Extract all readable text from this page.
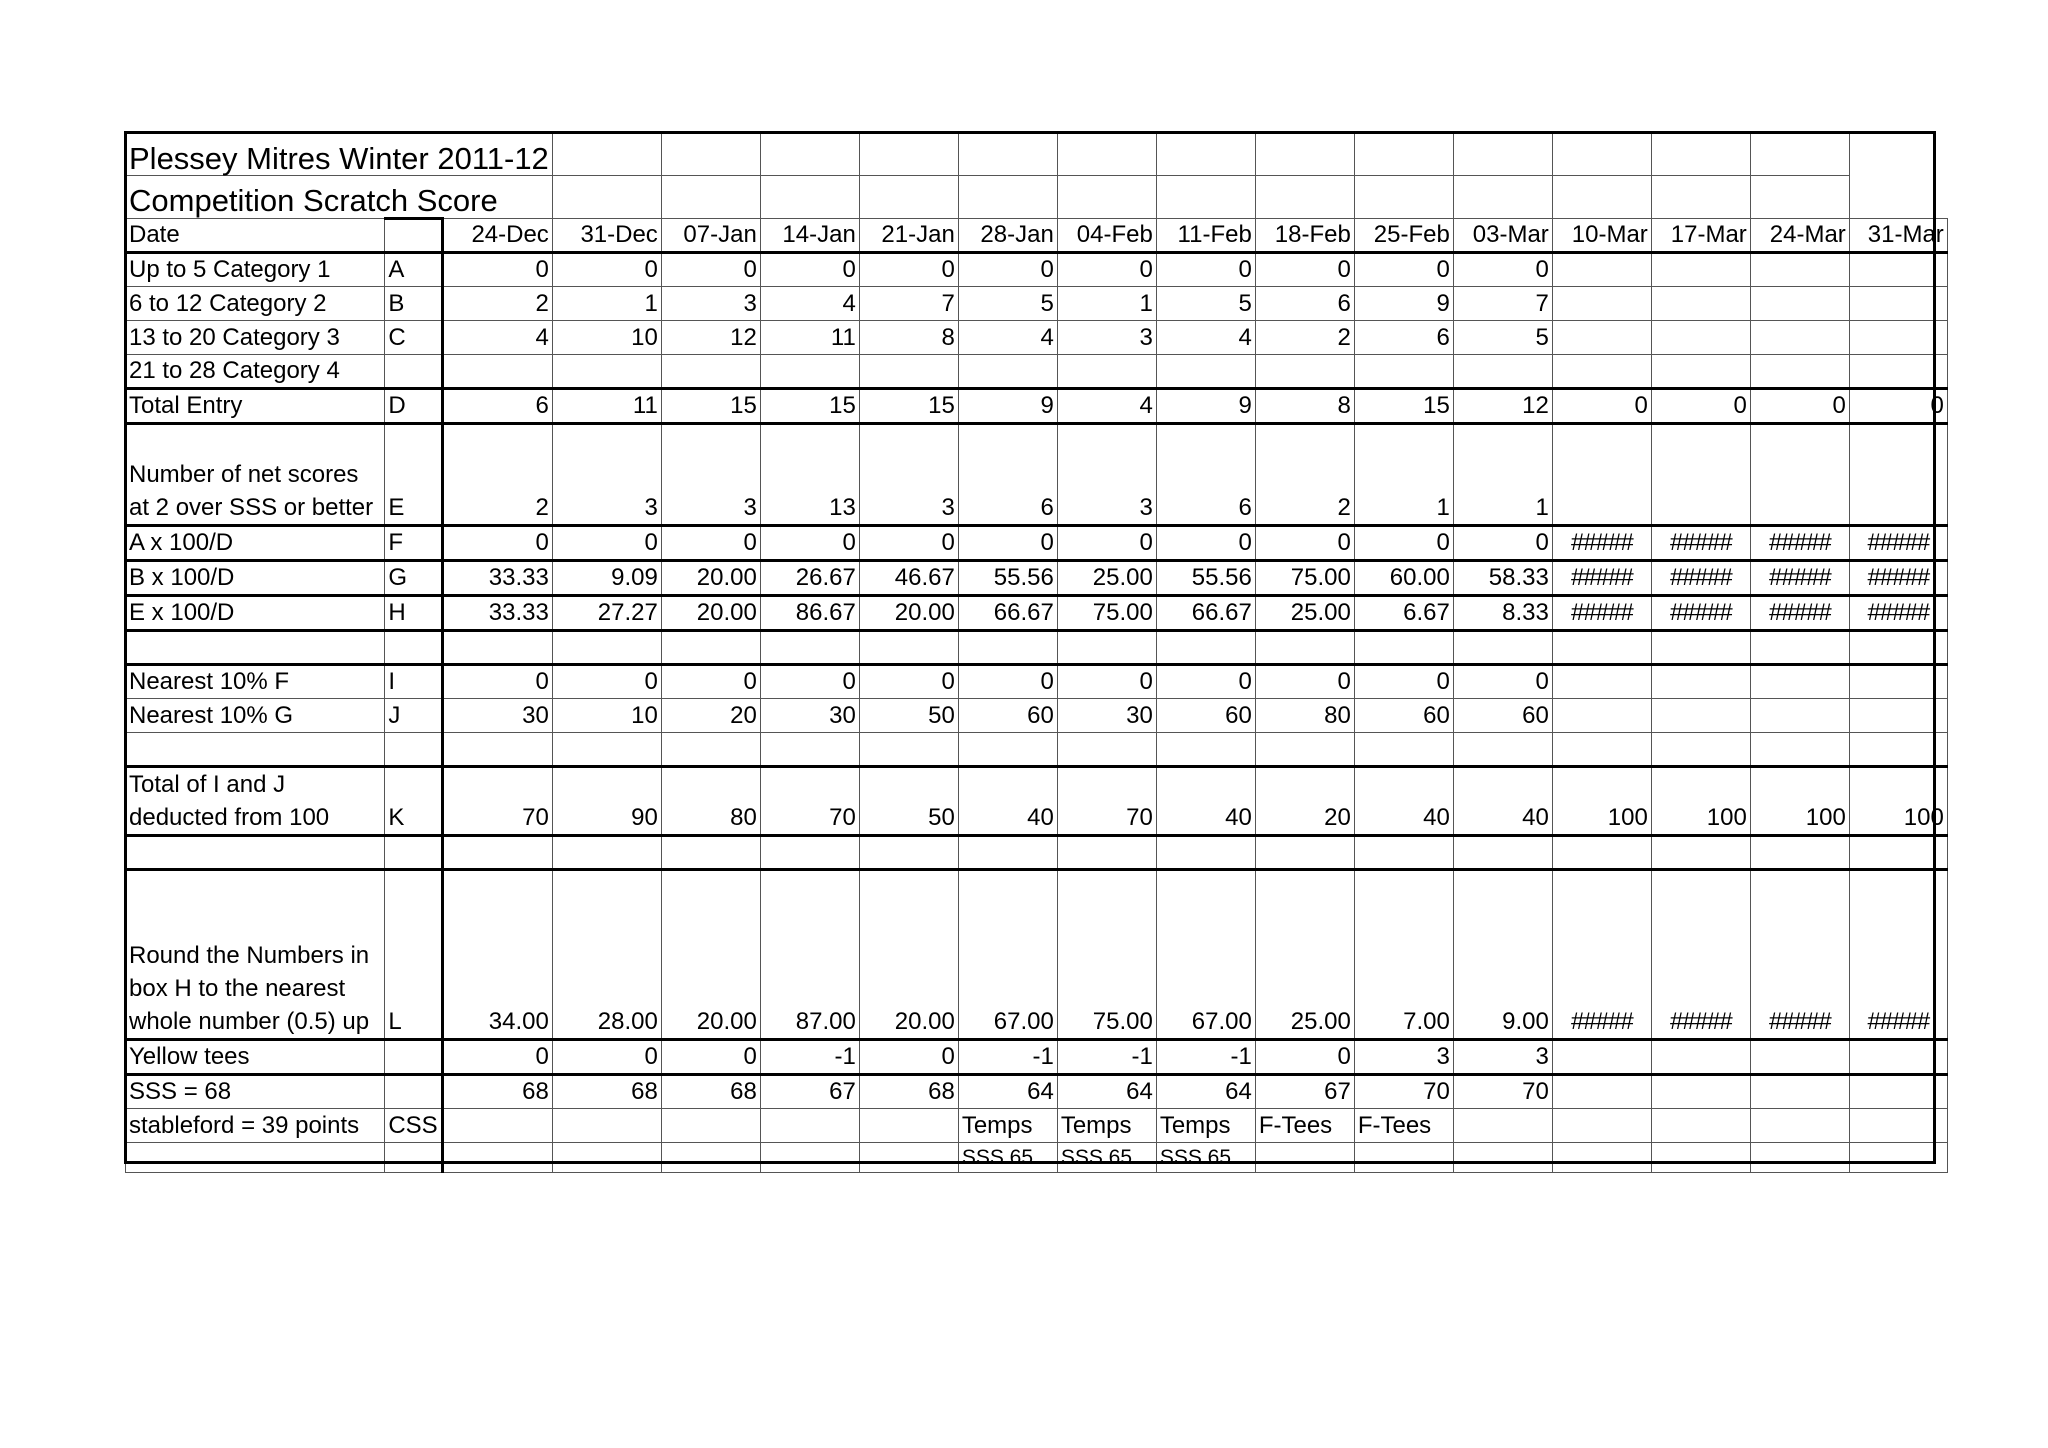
Plessey Mitres Winter 2011-12																
Competition Scratch Score																
Date		24-Dec	31-Dec	07-Jan	14-Jan	21-Jan	28-Jan	04-Feb	11-Feb	18-Feb	25-Feb	03-Mar	10-Mar	17-Mar	24-Mar	31-Mar
Up to 5 Category 1	A	0	0	0	0	0	0	0	0	0	0	0				
6 to 12 Category 2	B	2	1	3	4	7	5	1	5	6	9	7				
13 to 20 Category 3	C	4	10	12	11	8	4	3	4	2	6	5				
21 to 28 Category 4																
Total Entry	D	6	11	15	15	15	9	4	9	8	15	12	0	0	0	0
Number of net scores at 2 over SSS or better	E	2	3	3	13	3	6	3	6	2	1	1				
A x 100/D	F	0	0	0	0	0	0	0	0	0	0	0	#####	#####	#####	#####
B x 100/D	G	33.33	9.09	20.00	26.67	46.67	55.56	25.00	55.56	75.00	60.00	58.33	#####	#####	#####	#####
E x 100/D	H	33.33	27.27	20.00	86.67	20.00	66.67	75.00	66.67	25.00	6.67	8.33	#####	#####	#####	#####

Nearest 10% F	I	0	0	0	0	0	0	0	0	0	0	0				
Nearest 10% G	J	30	10	20	30	50	60	30	60	80	60	60				

Total of I and J deducted from 100	K	70	90	80	70	50	40	70	40	20	40	40	100	100	100	100

Round the Numbers in box H to the nearest whole number (0.5) up	L	34.00	28.00	20.00	87.00	20.00	67.00	75.00	67.00	25.00	7.00	9.00	#####	#####	#####	#####
Yellow tees		0	0	0	-1	0	-1	-1	-1	0	3	3				
SSS = 68		68	68	68	67	68	64	64	64	67	70	70				
stableford = 39 points	CSS						Temps	Temps	Temps	F-Tees	F-Tees					
							SSS 65	SSS 65	SSS 65							
